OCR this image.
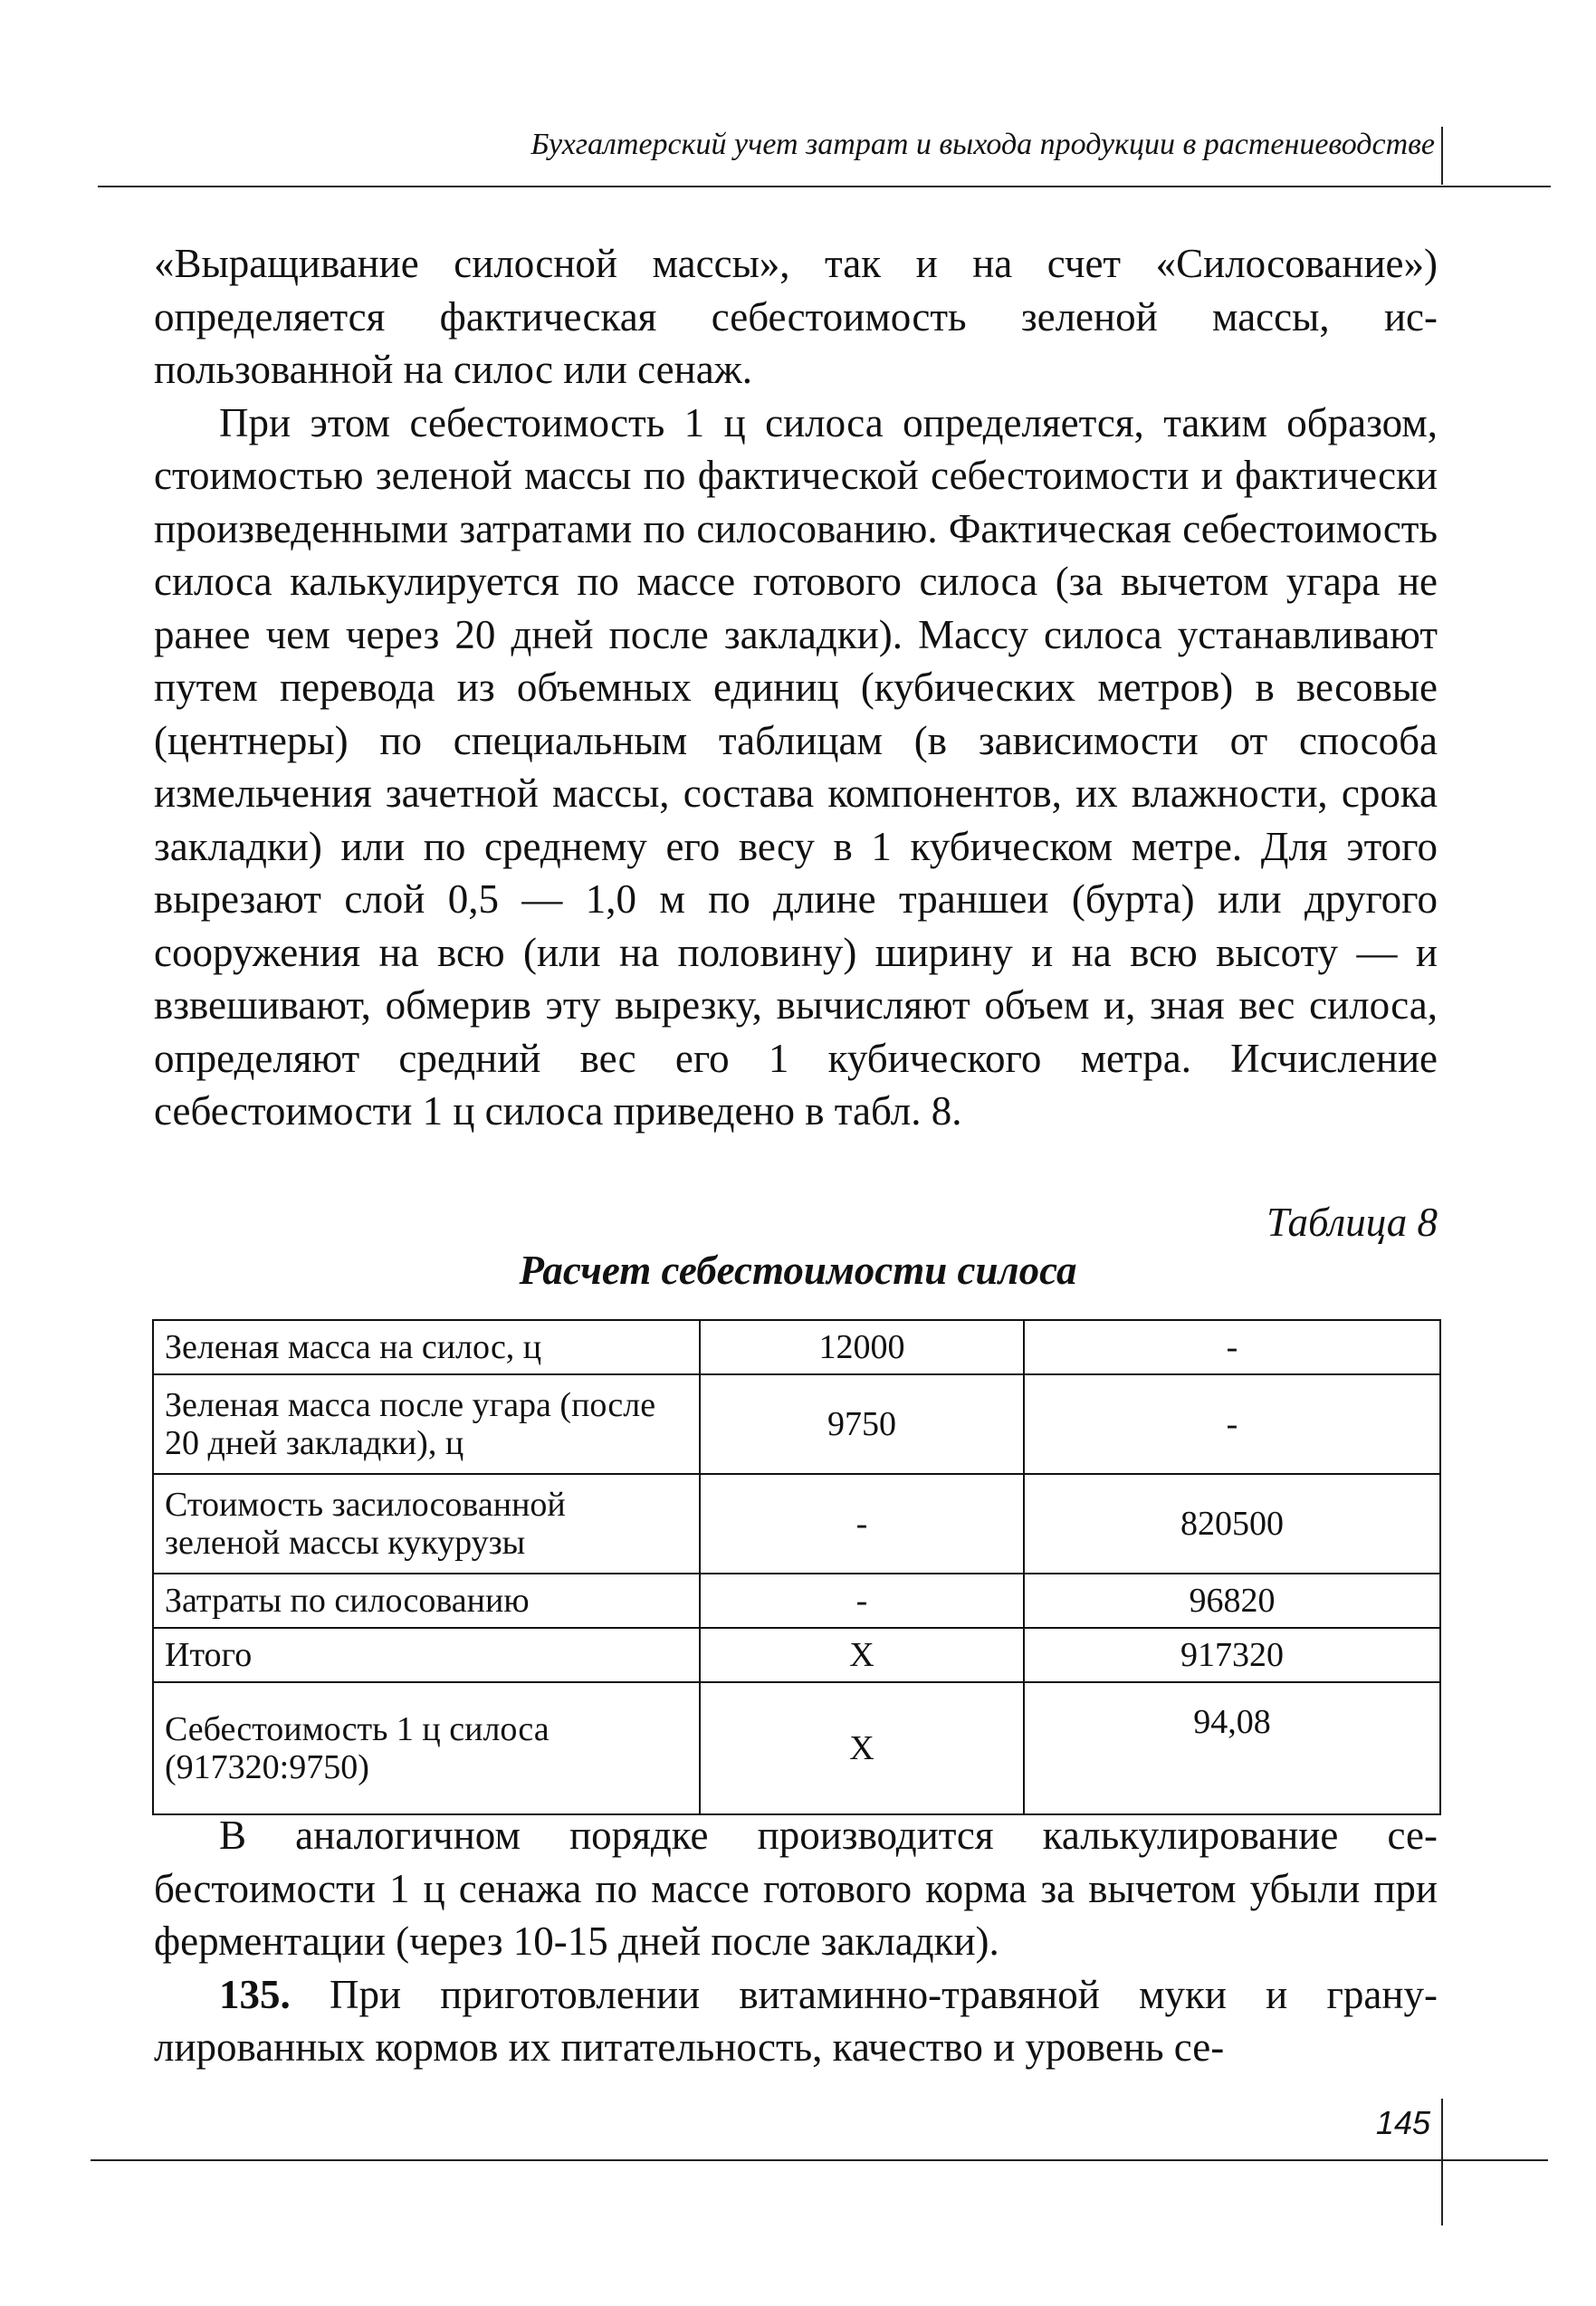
Бухгалтерский учет затрат и выхода продукции в растениеводстве

«Выращивание силосной массы», так и на счет «Силосование») определяется фактическая себестоимость зеленой массы, использованной на силос или сенаж.

При этом себестоимость 1 ц силоса определяется, таким образом, стоимостью зеленой массы по фактической себестоимости и фактически произведенными затратами по силосованию. Фактическая себестоимость силоса калькулируется по массе готового силоса (за вычетом угара не ранее чем через 20 дней после закладки). Массу силоса устанавливают путем перевода из объемных единиц (кубических метров) в весовые (центнеры) по специальным таблицам (в зависимости от способа измельчения зачетной массы, состава компонентов, их влажности, срока закладки) или по среднему его весу в 1 кубическом метре. Для этого вырезают слой 0,5 — 1,0 м по длине траншеи (бурта) или другого сооружения на всю (или на половину) ширину и на всю высоту — и взвешивают, обмерив эту вырезку, вычисляют объем и, зная вес силоса, определяют средний вес его 1 кубического метра. Исчисление себестоимости 1 ц силоса приведено в табл. 8.

Таблица 8
Расчет себестоимости силоса
Зеленая масса на силос, ц	12000	-
Зеленая масса после угара (после 20 дней закладки), ц	9750	-
Стоимость засилосованной зеленой массы кукурузы	-	820500
Затраты по силосованию	-	96820
Итого	X	917320
Себестоимость 1 ц силоса (917320:9750)	X	94,08

В аналогичном порядке производится калькулирование себестоимости 1 ц сенажа по массе готового корма за вычетом убыли при ферментации (через 10-15 дней после закладки).

135. При приготовлении витаминно-травяной муки и гранулированных кормов их питательность, качество и уровень се-

145
